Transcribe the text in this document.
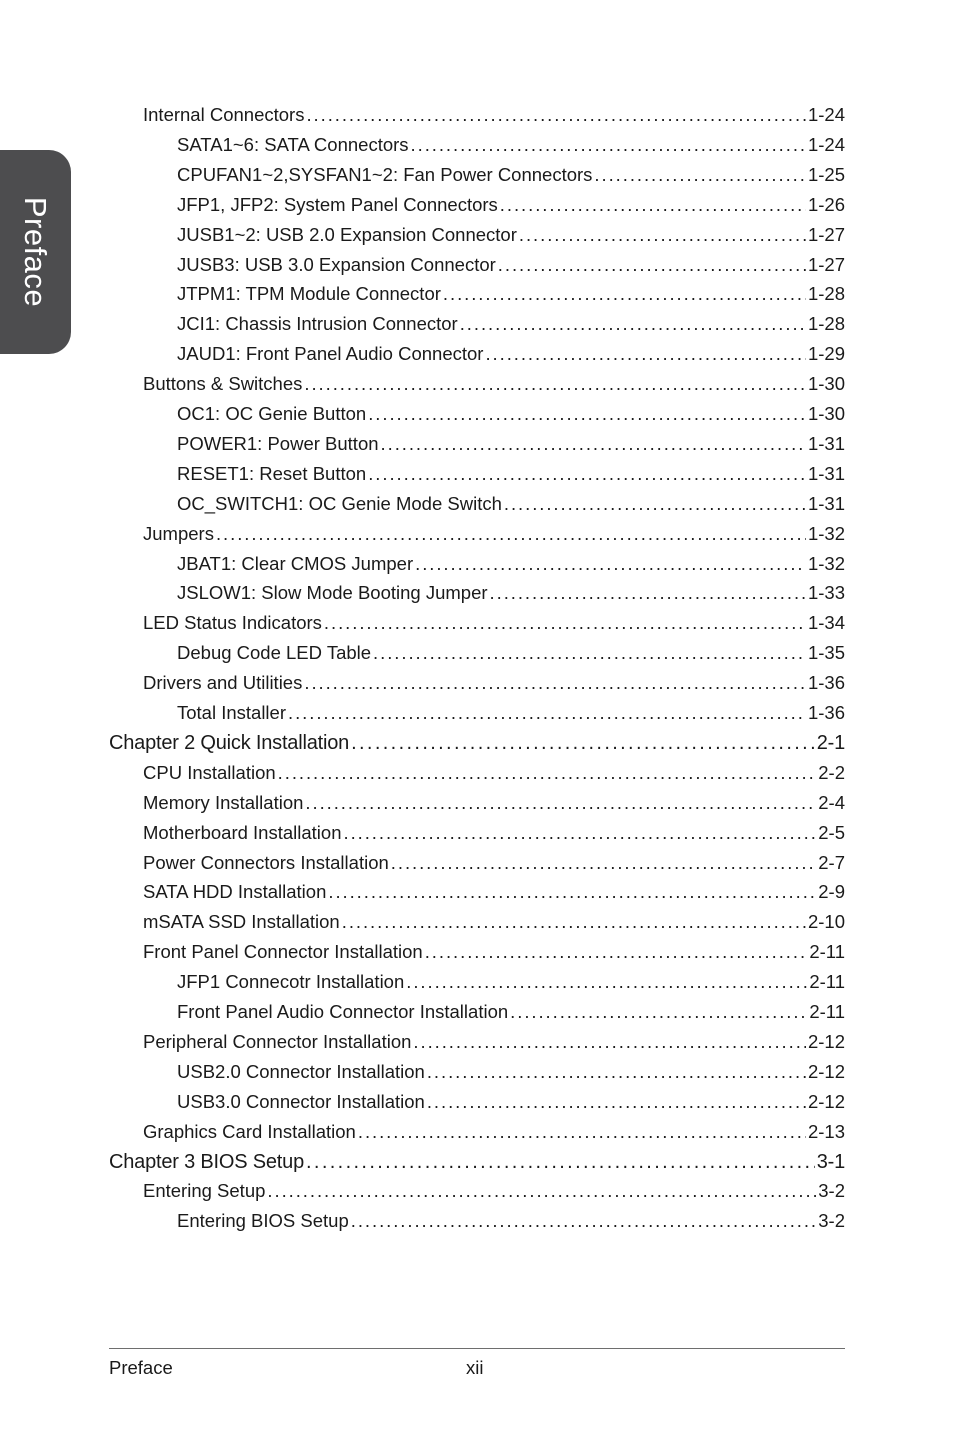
Preface
Internal Connectors . . .	1-24
SATA1~6: SATA Connectors . . .	1-24
CPUFAN1~2,SYSFAN1~2: Fan Power Connectors . . .	1-25
JFP1, JFP2: System Panel Connectors . . .	1-26
JUSB1~2: USB 2.0 Expansion Connector . . .	1-27
JUSB3: USB 3.0 Expansion Connector . . .	1-27
JTPM1: TPM Module Connector . . .	1-28
JCI1: Chassis Intrusion Connector . . .	1-28
JAUD1: Front Panel Audio Connector . . .	1-29
Buttons & Switches . . .	1-30
OC1: OC Genie Button . . .	1-30
POWER1: Power Button . . .	1-31
RESET1: Reset Button . . .	1-31
OC_SWITCH1: OC Genie Mode Switch . . .	1-31
Jumpers . . .	1-32
JBAT1: Clear CMOS Jumper . . .	1-32
JSLOW1: Slow Mode Booting Jumper . . .	1-33
LED Status Indicators . . .	1-34
Debug Code LED Table . . .	1-35
Drivers and Utilities . . .	1-36
Total Installer . . .	1-36
Chapter 2 Quick Installation . . .	2-1
CPU Installation . . .	2-2
Memory Installation . . .	2-4
Motherboard Installation . . .	2-5
Power Connectors Installation . . .	2-7
SATA HDD Installation . . .	2-9
mSATA SSD Installation . . .	2-10
Front Panel Connector Installation . . .	2-11
JFP1 Connecotr Installation . . .	2-11
Front Panel Audio Connector Installation . . .	2-11
Peripheral Connector Installation . . .	2-12
USB2.0 Connector Installation . . .	2-12
USB3.0 Connector Installation . . .	2-12
Graphics Card Installation . . .	2-13
Chapter 3 BIOS Setup . . .	3-1
Entering Setup . . .	3-2
Entering BIOS Setup . . .	3-2
Preface	xii
